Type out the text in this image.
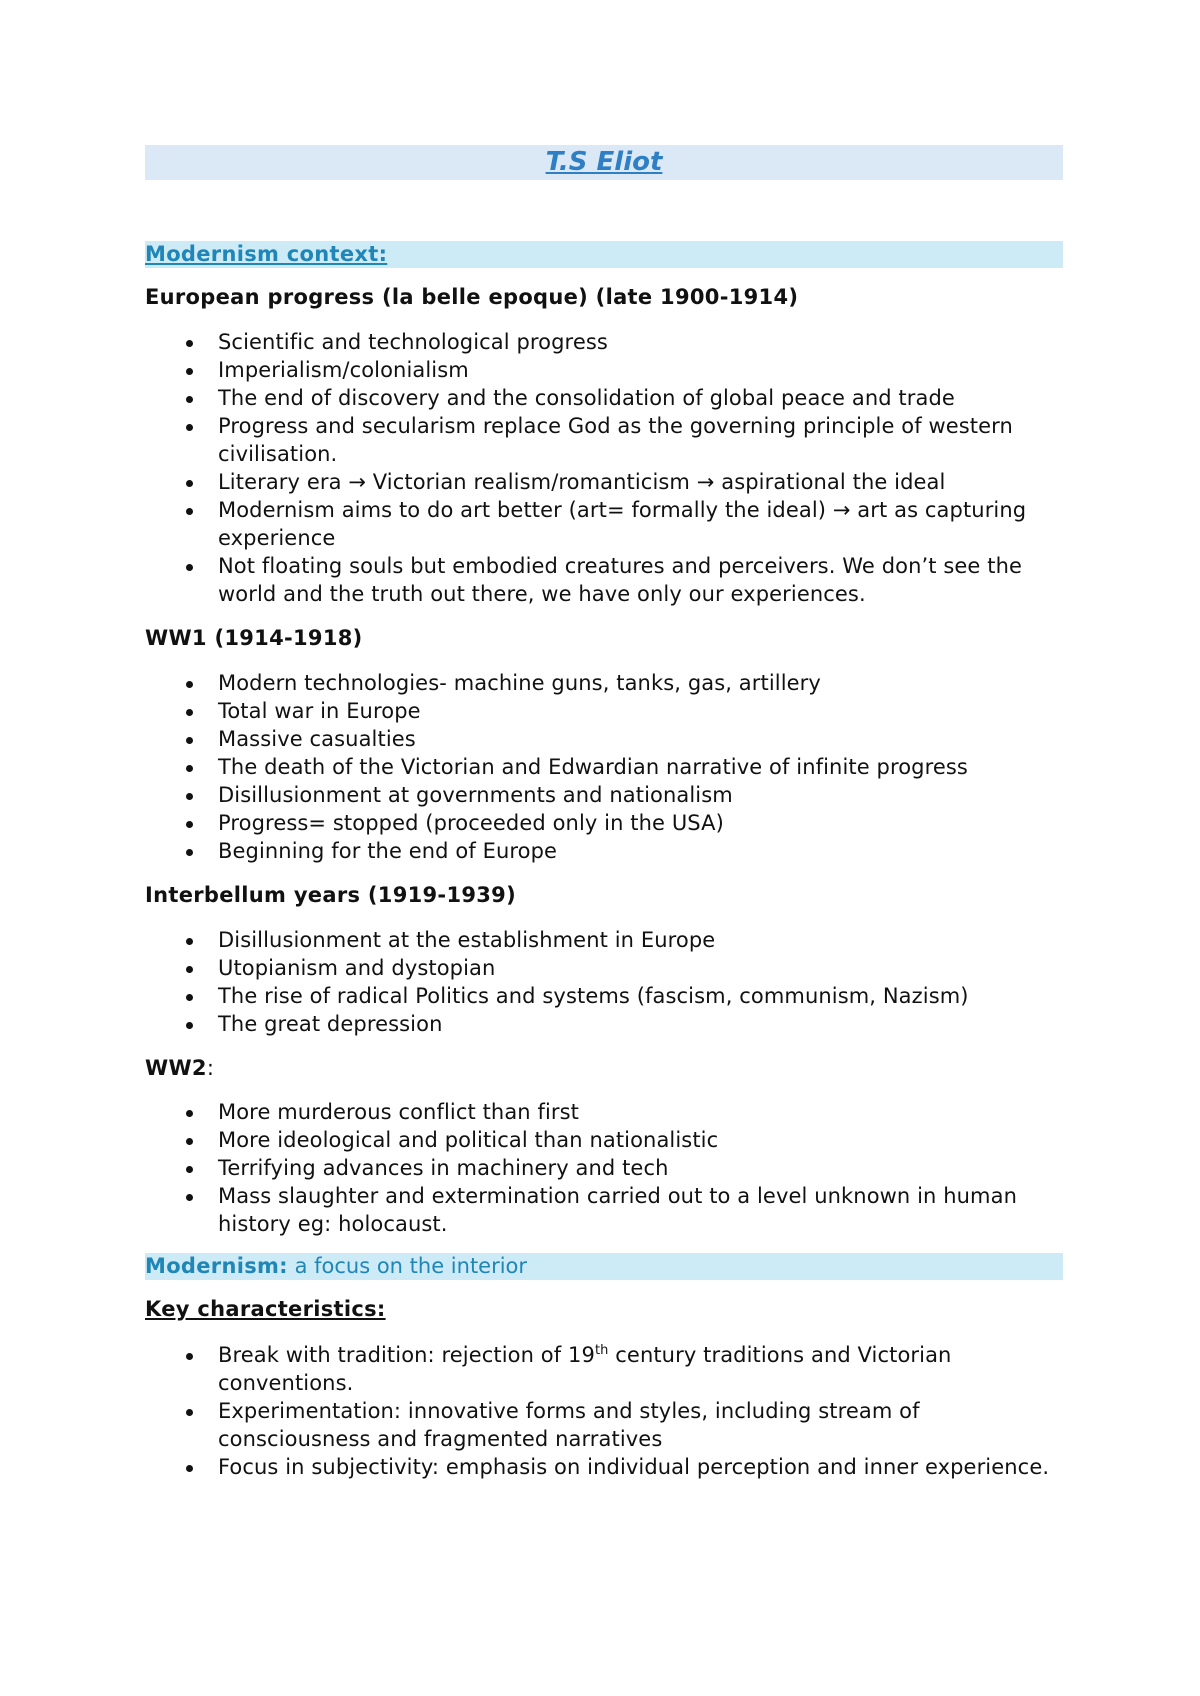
T.S Eliot
Modernism context:
European progress (la belle epoque) (late 1900-1914)
Scientific and technological progress
Imperialism/colonialism
The end of discovery and the consolidation of global peace and trade
Progress and secularism replace God as the governing principle of western civilisation.
Literary era → Victorian realism/romanticism → aspirational the ideal
Modernism aims to do art better (art= formally the ideal) → art as capturing experience
Not floating souls but embodied creatures and perceivers. We don’t see the world and the truth out there, we have only our experiences.
WW1 (1914-1918)
Modern technologies- machine guns, tanks, gas, artillery
Total war in Europe
Massive casualties
The death of the Victorian and Edwardian narrative of infinite progress
Disillusionment at governments and nationalism
Progress= stopped (proceeded only in the USA)
Beginning for the end of Europe
Interbellum years (1919-1939)
Disillusionment at the establishment in Europe
Utopianism and dystopian
The rise of radical Politics and systems (fascism, communism, Nazism)
The great depression
WW2:
More murderous conflict than first
More ideological and political than nationalistic
Terrifying advances in machinery and tech
Mass slaughter and extermination carried out to a level unknown in human history eg: holocaust.
Modernism: a focus on the interior
Key characteristics:
Break with tradition: rejection of 19th century traditions and Victorian conventions.
Experimentation: innovative forms and styles, including stream of consciousness and fragmented narratives
Focus in subjectivity: emphasis on individual perception and inner experience.
